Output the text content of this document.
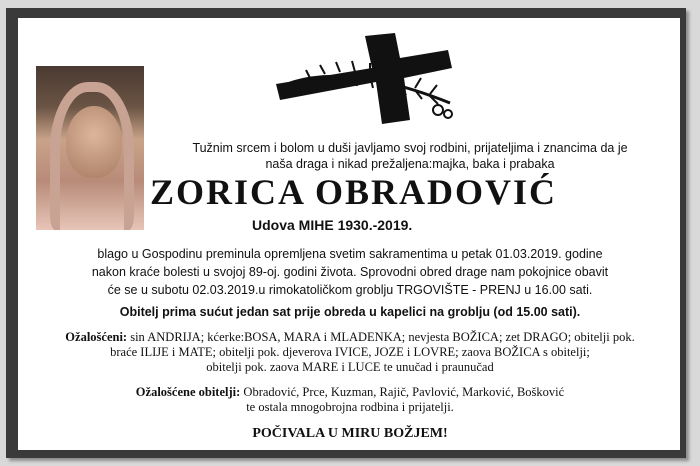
Tužnim srcem i bolom u duši javljamo svoj rodbini, prijateljima i znancima da je
naša draga i nikad prežaljena:majka, baka i prabaka
ZORICA OBRADOVIĆ
Udova MIHE 1930.-2019.
blago u Gospodinu preminula opremljena svetim sakramentima u petak 01.03.2019. godine
nakon kraće bolesti u svojoj 89-oj. godini života. Sprovodni obred drage nam pokojnice obavit
će se u subotu 02.03.2019.u rimokatoličkom groblju TRGOVIŠTE - PRENJ u 16.00 sati.
Obitelj prima sućut jedan sat prije obreda u kapelici na groblju (od 15.00 sati).
Ožalošćeni: sin ANDRIJA; kćerke:BOSA, MARA i MLADENKA; nevjesta BOŽICA; zet DRAGO; obitelji pok.
braće ILIJE i MATE; obitelji pok. djeverova IVICE, JOZE i LOVRE; zaova BOŽICA s obitelji;
obitelji pok. zaova MARE i LUCE te unučad i praunučad
Ožalošćene obitelji: Obradović, Prce, Kuzman, Rajič, Pavlović, Marković, Bošković
te ostala mnogobrojna rodbina i prijatelji.
POČIVALA U MIRU BOŽJEM!
